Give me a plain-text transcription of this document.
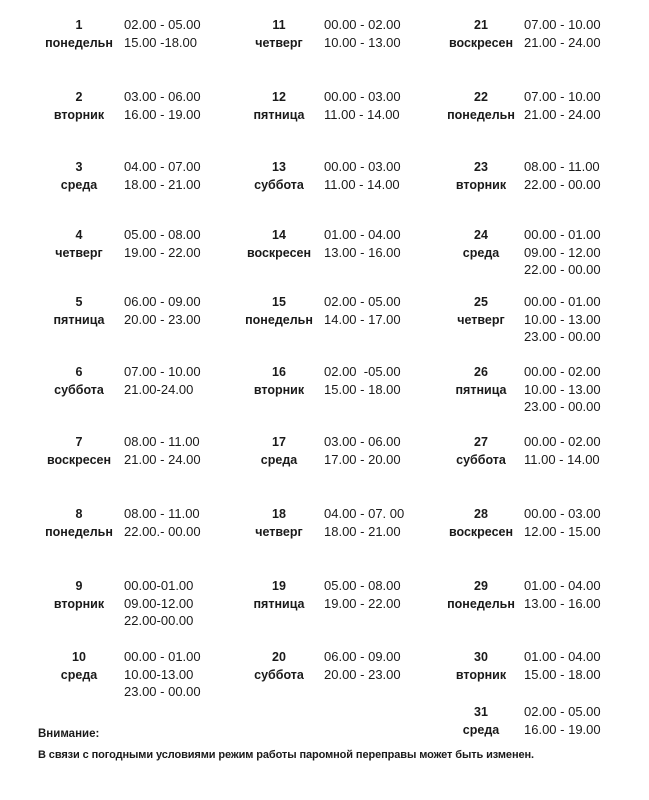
1
понедельн
02.00 - 05.00
15.00 -18.00
2
вторник
03.00 - 06.00
16.00 - 19.00
3
среда
04.00 - 07.00
18.00 - 21.00
4
четверг
05.00 - 08.00
19.00 - 22.00
5
пятница
06.00 - 09.00
20.00 - 23.00
6
суббота
07.00 - 10.00
21.00-24.00
7
воскресен
08.00 - 11.00
21.00 - 24.00
8
понедельн
08.00 - 11.00
22.00.- 00.00
9
вторник
00.00-01.00
09.00-12.00
22.00-00.00
10
среда
00.00 - 01.00
10.00-13.00
23.00 - 00.00
11
четверг
00.00 - 02.00
10.00 - 13.00
12
пятница
00.00 - 03.00
11.00 - 14.00
13
суббота
00.00 - 03.00
11.00 - 14.00
14
воскресен
01.00 - 04.00
13.00 - 16.00
15
понедельн
02.00 - 05.00
14.00 - 17.00
16
вторник
02.00  -05.00
15.00 - 18.00
17
среда
03.00 - 06.00
17.00 - 20.00
18
четверг
04.00 - 07. 00
18.00 - 21.00
19
пятница
05.00 - 08.00
19.00 - 22.00
20
суббота
06.00 - 09.00
20.00 - 23.00
21
воскресен
07.00 - 10.00
21.00 - 24.00
22
понедельн
07.00 - 10.00
21.00 - 24.00
23
вторник
08.00 - 11.00
22.00 - 00.00
24
среда
00.00 - 01.00
09.00 - 12.00
22.00 - 00.00
25
четверг
00.00 - 01.00
10.00 - 13.00
23.00 - 00.00
26
пятница
00.00 - 02.00
10.00 - 13.00
23.00 - 00.00
27
суббота
00.00 - 02.00
11.00 - 14.00
28
воскресен
00.00 - 03.00
12.00 - 15.00
29
понедельн
01.00 - 04.00
13.00 - 16.00
30
вторник
01.00 - 04.00
15.00 - 18.00
31
среда
02.00 - 05.00
16.00 - 19.00
Внимание:
В связи с погодными условиями режим работы паромной переправы может быть изменен.
